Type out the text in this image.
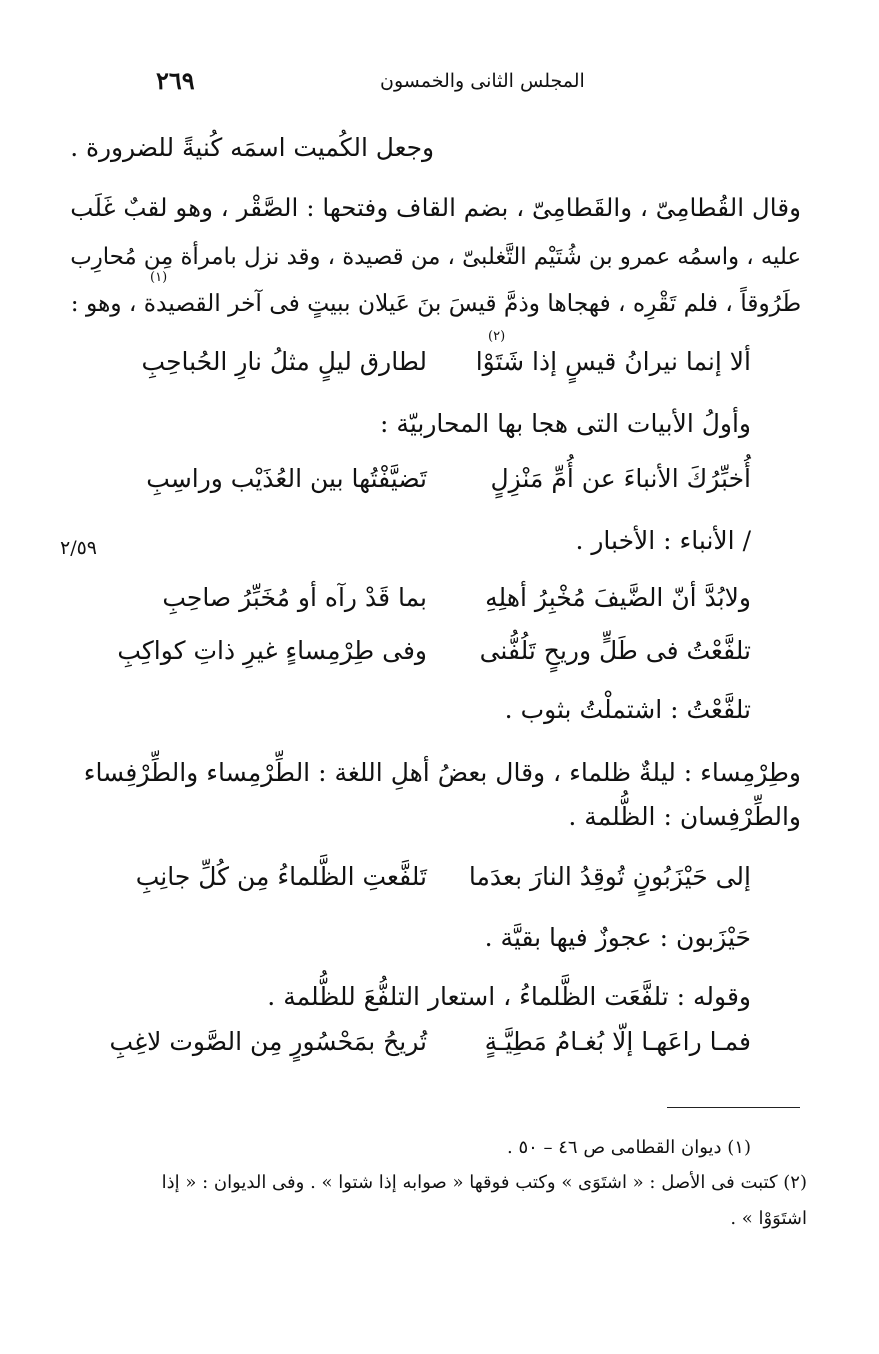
٢٦٩	المجلس الثانى والخمسون
٢/٥٩
وجعل الكُميت اسمَه كُنيةً للضرورة .
وقال القُطامِىّ ، والقَطامِىّ ، بضم القاف وفتحها : الصَّقْر ، وهو لقبٌ غَلَب
عليه ، واسمُه عمرو بن شُتَيْم التَّغلبىّ ، من قصيدة ، وقد نزل بامرأة مِن مُحارِب
طَرُوقاً ، فلم تَقْرِه ، فهجاها وذمَّ قيسَ بنَ عَيلان ببيتٍ فى آخر القصيدة ، وهو :
(١)
ألا إنما نيرانُ قيسٍ إذا شَتَوْا
لطارق ليلٍ مثلُ نارِ الحُباحِبِ
(٢)
وأولُ الأبيات التى هجا بها المحاربيّة :
أُخبِّرُكَ الأنباءَ عن أُمِّ مَنْزِلٍ
تَضيَّفْتُها بين العُذَيْب وراسِبِ
/ الأنباء : الأخبار .
ولابُدَّ أنّ الضَّيفَ مُخْبِرُ أهلِهِ
بما قَدْ رآه أو مُخَبِّرُ صاحِبِ
تلفَّعْتُ فى طَلٍّ وريحٍ تَلُفُّنى
وفى طِرْمِساءٍ غيرِ ذاتِ كواكِبِ
تلفَّعْتُ : اشتملْتُ بثوب .
وطِرْمِساء : ليلةٌ ظلماء ، وقال بعضُ أهلِ اللغة : الطِّرْمِساء والطِّرْفِساء
والطِّرْفِسان : الظُّلمة .
إلى حَيْزَبُونٍ تُوقِدُ النارَ بعدَما
تَلفَّعتِ الظَّلماءُ مِن كُلِّ جانِبِ
حَيْزَبون : عجوزٌ فيها بقيَّة .
وقوله : تلفَّعَت الظَّلماءُ ، استعار التلفُّعَ للظُّلمة .
فمـا راعَهـا إلّا بُغـامُ مَطِيَّـةٍ
تُريحُ بمَحْسُورٍ مِن الصَّوت لاغِبِ
(١) ديوان القطامى ص ٤٦ – ٥٠ .
(٢) كتبت فى الأصل : « اشتَوَى » وكتب فوقها « صوابه إذا شتوا » . وفى الديوان : « إذا
اشتَوَوْا » .
